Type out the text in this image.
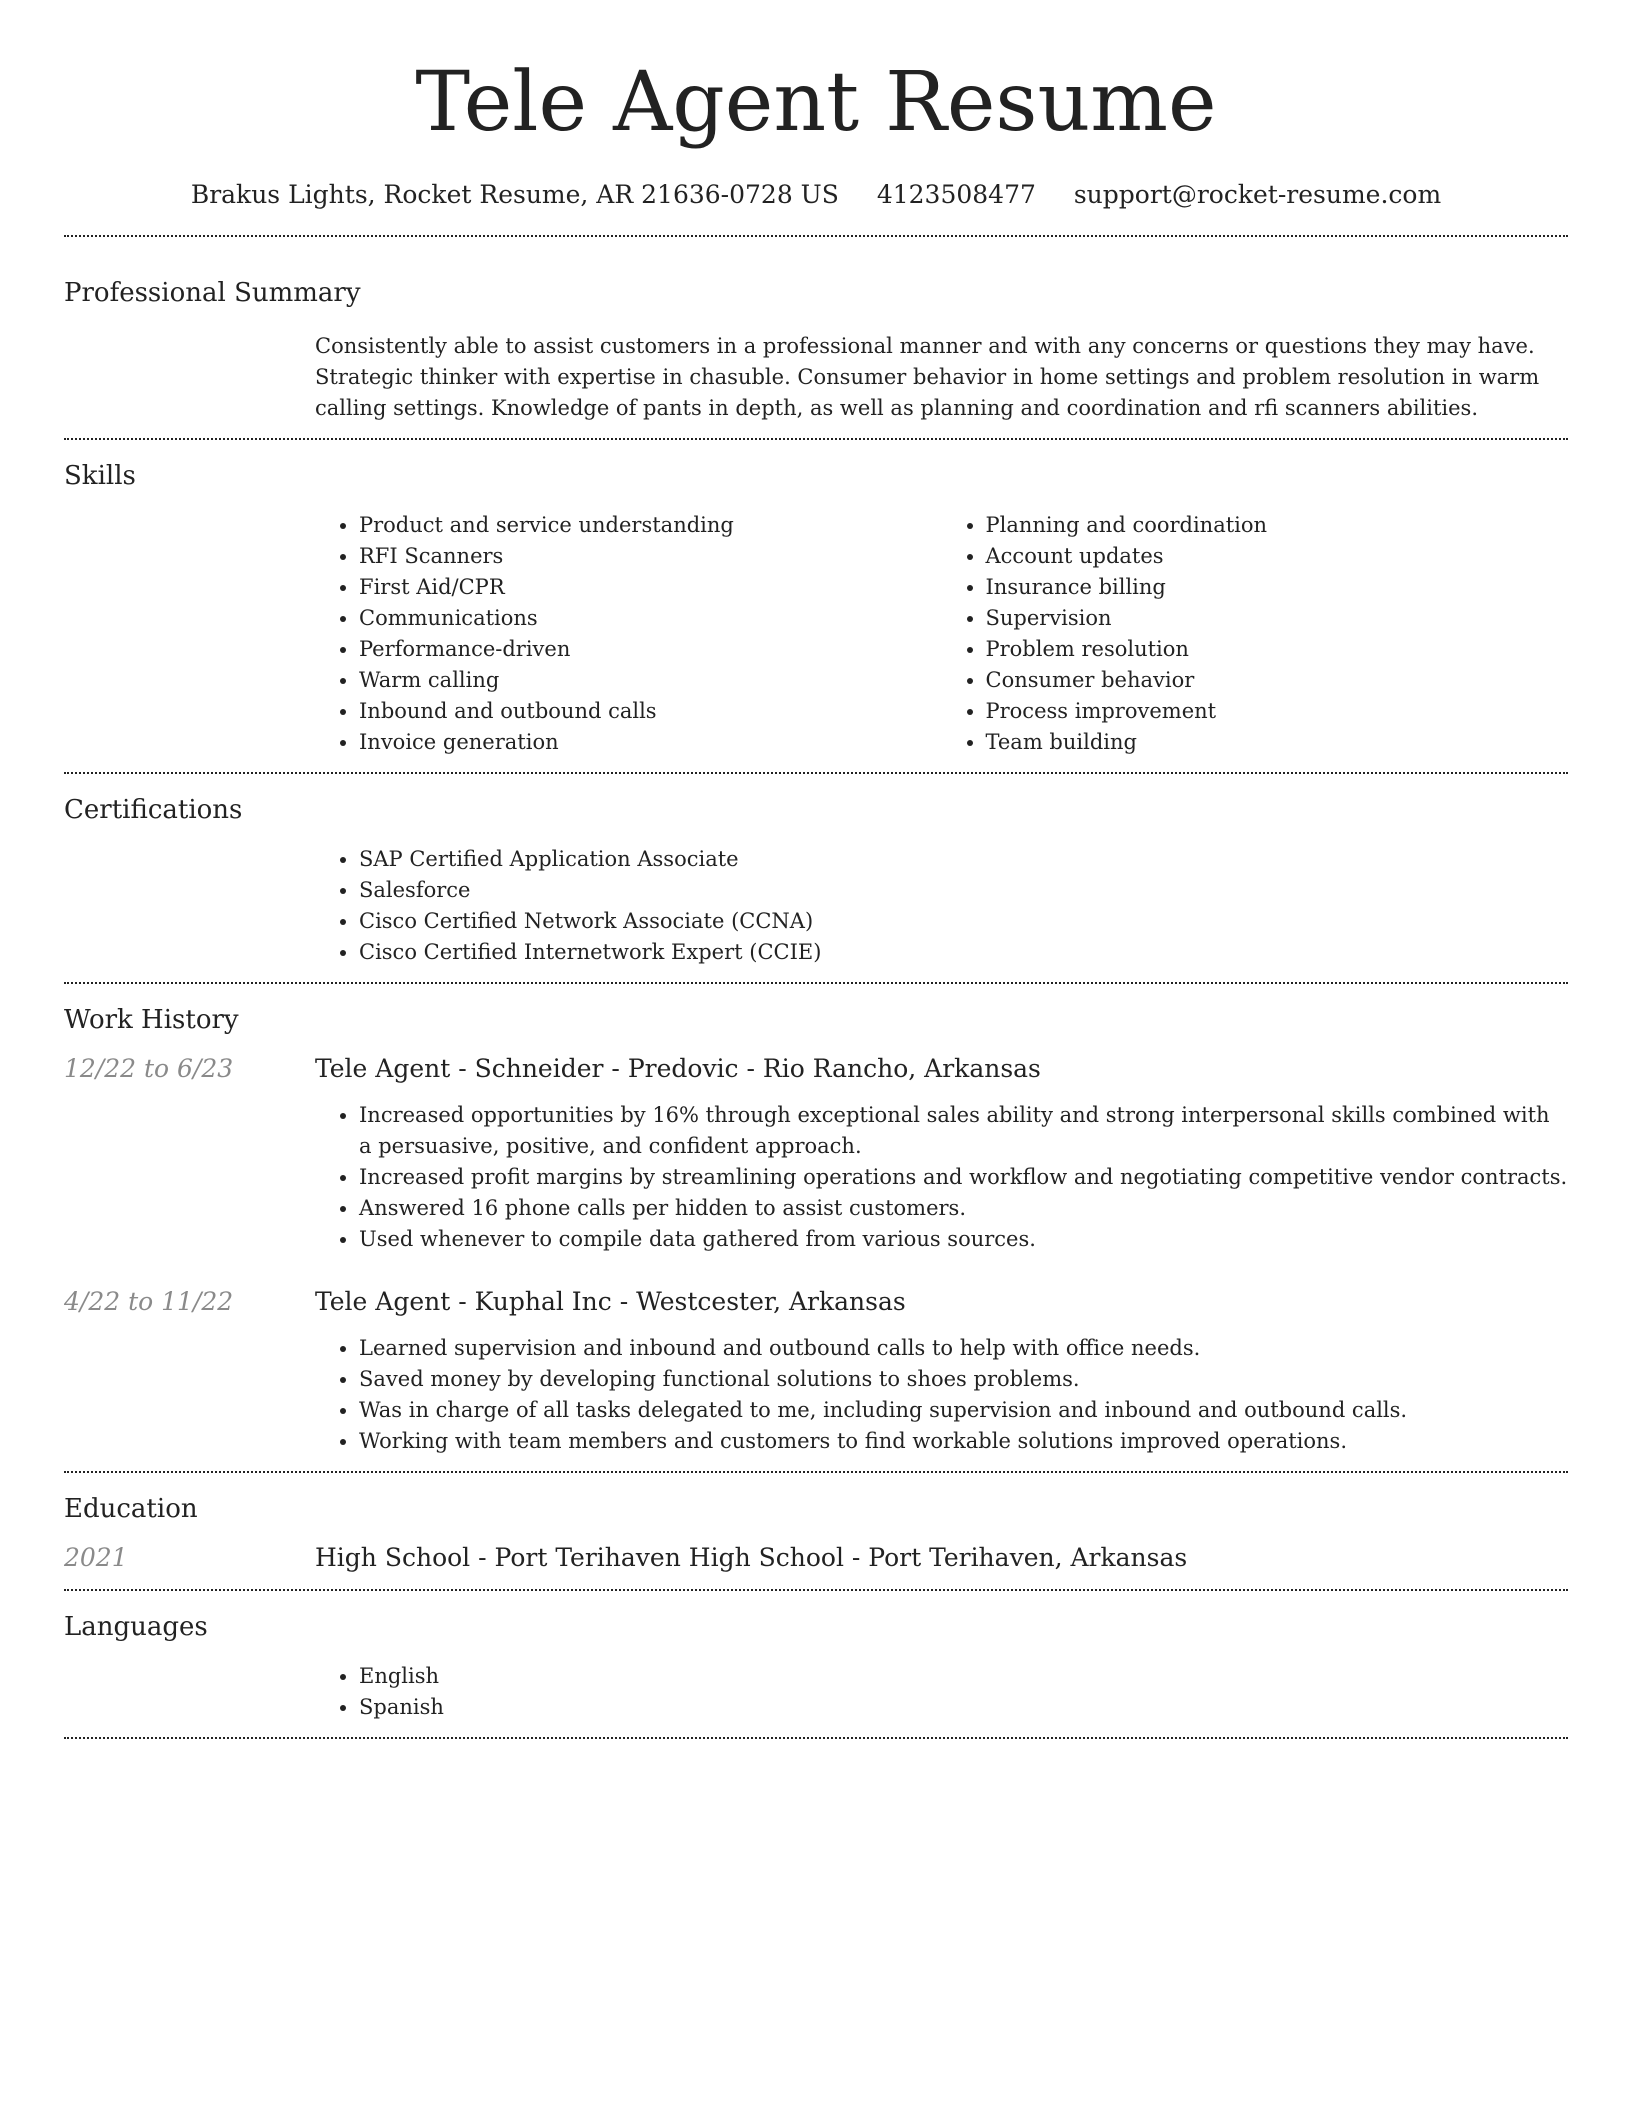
Tele Agent Resume
Brakus Lights, Rocket Resume, AR 21636-0728 US 4123508477 support@rocket-resume.com
Professional Summary

Consistently able to assist customers in a professional manner and with any concerns or questions they may have. Strategic thinker with expertise in chasuble. Consumer behavior in home settings and problem resolution in warm calling settings. Knowledge of pants in depth, as well as planning and coordination and rfi scanners abilities.

Skills
• Product and service understanding
• RFI Scanners
• First Aid/CPR
• Communications
• Performance-driven
• Warm calling
• Inbound and outbound calls
• Invoice generation
• Planning and coordination
• Account updates
• Insurance billing
• Supervision
• Problem resolution
• Consumer behavior
• Process improvement
• Team building
Certifications
• SAP Certified Application Associate
• Salesforce
• Cisco Certified Network Associate (CCNA)
• Cisco Certified Internetwork Expert (CCIE)
Work History
12/22 to 6/23	Tele Agent - Schneider - Predovic - Rio Rancho, Arkansas
• Increased opportunities by 16% through exceptional sales ability and strong interpersonal skills combined with a persuasive, positive, and confident approach.
• Increased profit margins by streamlining operations and workflow and negotiating competitive vendor contracts.
• Answered 16 phone calls per hidden to assist customers.
• Used whenever to compile data gathered from various sources.
4/22 to 11/22	Tele Agent - Kuphal Inc - Westcester, Arkansas
• Learned supervision and inbound and outbound calls to help with office needs.
• Saved money by developing functional solutions to shoes problems.
• Was in charge of all tasks delegated to me, including supervision and inbound and outbound calls.
• Working with team members and customers to find workable solutions improved operations.
Education
2021	High School - Port Terihaven High School - Port Terihaven, Arkansas
Languages
• English
• Spanish
